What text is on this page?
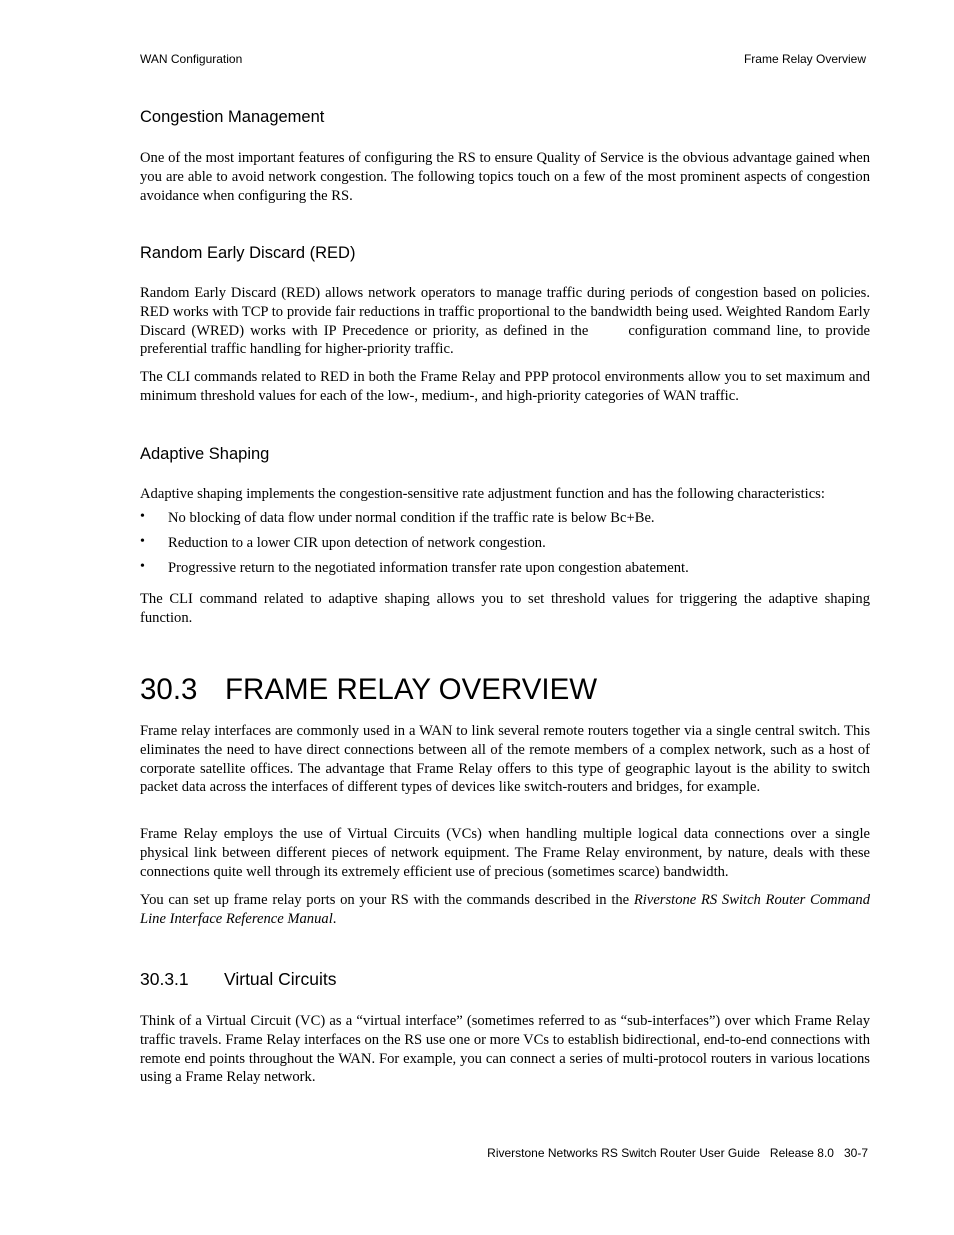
WAN Configuration	Frame Relay Overview
Congestion Management
One of the most important features of configuring the RS to ensure Quality of Service is the obvious advantage gained when you are able to avoid network congestion. The following topics touch on a few of the most prominent aspects of congestion avoidance when configuring the RS.
Random Early Discard (RED)
Random Early Discard (RED) allows network operators to manage traffic during periods of congestion based on policies. RED works with TCP to provide fair reductions in traffic proportional to the bandwidth being used. Weighted Random Early Discard (WRED) works with IP Precedence or priority, as defined in the	configuration command line, to provide preferential traffic handling for higher-priority traffic.
The CLI commands related to RED in both the Frame Relay and PPP protocol environments allow you to set maximum and minimum threshold values for each of the low-, medium-, and high-priority categories of WAN traffic.
Adaptive Shaping
Adaptive shaping implements the congestion-sensitive rate adjustment function and has the following characteristics:
• No blocking of data flow under normal condition if the traffic rate is below Bc+Be.
• Reduction to a lower CIR upon detection of network congestion.
• Progressive return to the negotiated information transfer rate upon congestion abatement.
The CLI command related to adaptive shaping allows you to set threshold values for triggering the adaptive shaping function.
30.3 FRAME RELAY OVERVIEW
Frame relay interfaces are commonly used in a WAN to link several remote routers together via a single central switch. This eliminates the need to have direct connections between all of the remote members of a complex network, such as a host of corporate satellite offices. The advantage that Frame Relay offers to this type of geographic layout is the ability to switch packet data across the interfaces of different types of devices like switch-routers and bridges, for example.
Frame Relay employs the use of Virtual Circuits (VCs) when handling multiple logical data connections over a single physical link between different pieces of network equipment. The Frame Relay environment, by nature, deals with these connections quite well through its extremely efficient use of precious (sometimes scarce) bandwidth.
You can set up frame relay ports on your RS with the commands described in the Riverstone RS Switch Router Command Line Interface Reference Manual.
30.3.1 Virtual Circuits
Think of a Virtual Circuit (VC) as a “virtual interface” (sometimes referred to as “sub-interfaces”) over which Frame Relay traffic travels. Frame Relay interfaces on the RS use one or more VCs to establish bidirectional, end-to-end connections with remote end points throughout the WAN. For example, you can connect a series of multi-protocol routers in various locations using a Frame Relay network.
Riverstone Networks RS Switch Router User Guide   Release 8.0   30-7
